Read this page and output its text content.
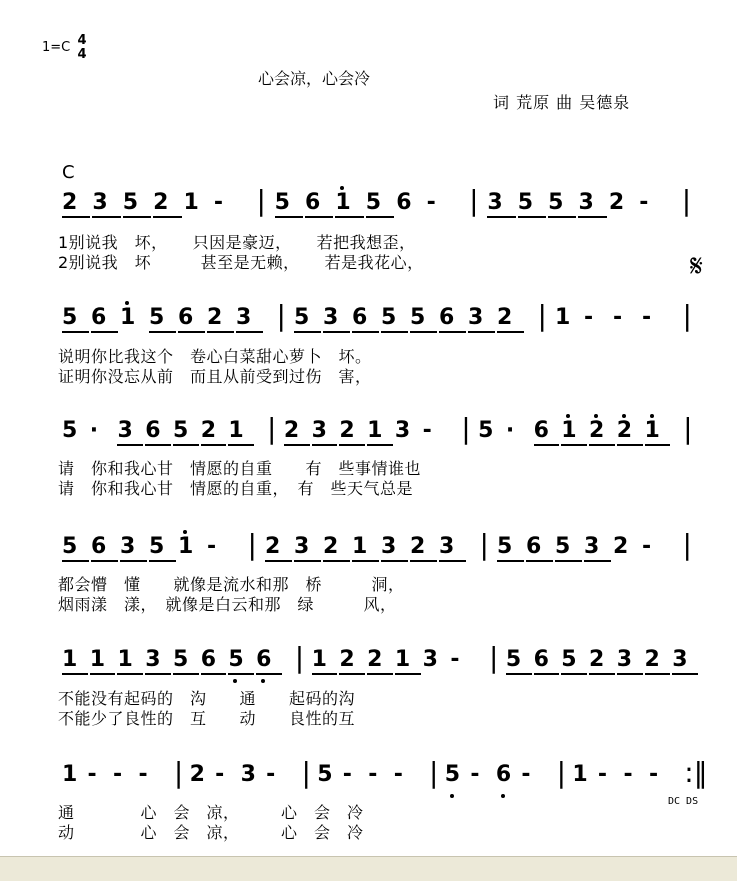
1=C 4
4
心会凉，心会冷
词 荒原 曲 吴德泉
C
𝄋
DC DS
2 3 5 2 1 -	| 5 6 1 5 6 -	| 3 5 5 3 2 -	|
1别说我　坏，　　只因是豪迈，　　若把我想歪，
2别说我　坏　　　甚至是无赖，　　若是我花心，
5 6 1 5 6 2 3 | 5 3 6 5 5 6 3 2 | 1 - - -	|
说明你比我这个　卷心白菜甜心萝卜　坏。
证明你没忘从前　而且从前受到过伤　害，
5 · 3 6 5 2 1 | 2 3 2 1 3 -	| 5 · 6 1 2 2 1 |
请　你和我心甘　情愿的自重　　有　些事情谁也
请　你和我心甘　情愿的自重，　有　些天气总是
5 6 3 5 1 -	| 2 3 2 1 3 2 3 | 5 6 5 3 2 -	|
都会懵　懂　　就像是流水和那　桥　　　洞，
烟雨漾　漾，　就像是白云和那　绿　　　风，
1 1 1 3 5 6 5 6 | 1 2 2 1 3 -	| 5 6 5 2 3 2 3
不能没有起码的　沟　　通　　起码的沟
不能少了良性的　互　　动　　良性的互
1 - - - | 2 - 3 - | 5 - - - | 5 - 6 - | 1 - - - :‖
通　　　　心　会　凉，　　　心　会　冷
动　　　　心　会　凉，　　　心　会　冷
